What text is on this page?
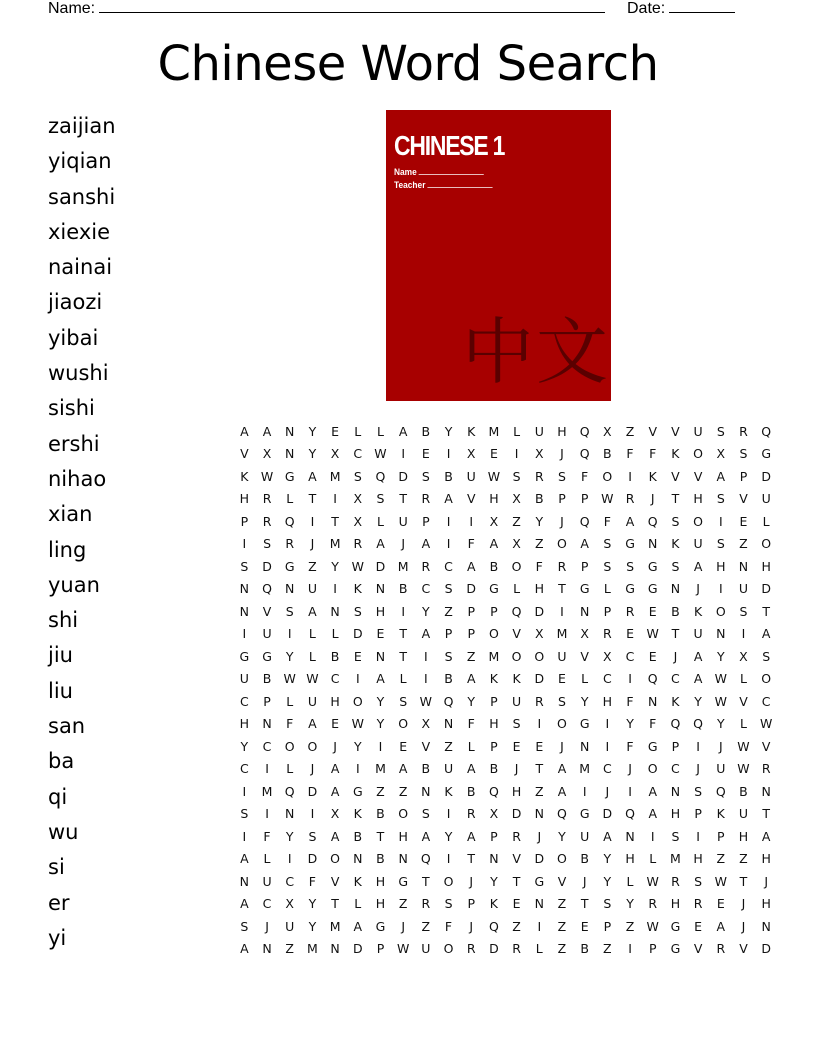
Name:	Date:
Chinese Word Search
zaijian
yiqian
sanshi
xiexie
nainai
jiaozi
yibai
wushi
sishi
ershi
nihao
xian
ling
yuan
shi
jiu
liu
san
ba
qi
wu
si
er
yi
CHINESE 1
Name
Teacher
中文
A	A	N	Y	E	L	L	A	B	Y	K	M	L	U	H	Q	X	Z	V	V	U	S	R	Q
V	X	N	Y	X	C	W	I	E	I	X	E	I	X	J	Q	B	F	F	K	O	X	S	G
K	W	G	A	M	S	Q	D	S	B	U	W	S	R	S	F	O	I	K	V	V	A	P	D
H	R	L	T	I	X	S	T	R	A	V	H	X	B	P	P	W	R	J	T	H	S	V	U
P	R	Q	I	T	X	L	U	P	I	I	X	Z	Y	J	Q	F	A	Q	S	O	I	E	L
I	S	R	J	M	R	A	J	A	I	F	A	X	Z	O	A	S	G	N	K	U	S	Z	O
S	D	G	Z	Y	W	D	M	R	C	A	B	O	F	R	P	S	S	G	S	A	H	N	H
N	Q	N	U	I	K	N	B	C	S	D	G	L	H	T	G	L	G	G	N	J	I	U	D
N	V	S	A	N	S	H	I	Y	Z	P	P	Q	D	I	N	P	R	E	B	K	O	S	T
I	U	I	L	L	D	E	T	A	P	P	O	V	X	M	X	R	E	W	T	U	N	I	A
G	G	Y	L	B	E	N	T	I	S	Z	M	O	O	U	V	X	C	E	J	A	Y	X	S
U	B	W	W	C	I	A	L	I	B	A	K	K	D	E	L	C	I	Q	C	A	W	L	O
C	P	L	U	H	O	Y	S	W	Q	Y	P	U	R	S	Y	H	F	N	K	Y	W	V	C
H	N	F	A	E	W	Y	O	X	N	F	H	S	I	O	G	I	Y	F	Q	Q	Y	L	W
Y	C	O	O	J	Y	I	E	V	Z	L	P	E	E	J	N	I	F	G	P	I	J	W	V
C	I	L	J	A	I	M	A	B	U	A	B	J	T	A	M	C	J	O	C	J	U	W	R
I	M	Q	D	A	G	Z	Z	N	K	B	Q	H	Z	A	I	J	I	A	N	S	Q	B	N
S	I	N	I	X	K	B	O	S	I	R	X	D	N	Q	G	D	Q	A	H	P	K	U	T
I	F	Y	S	A	B	T	H	A	Y	A	P	R	J	Y	U	A	N	I	S	I	P	H	A
A	L	I	D	O	N	B	N	Q	I	T	N	V	D	O	B	Y	H	L	M	H	Z	Z	H
N	U	C	F	V	K	H	G	T	O	J	Y	T	G	V	J	Y	L	W	R	S	W	T	J
A	C	X	Y	T	L	H	Z	R	S	P	K	E	N	Z	T	S	Y	R	H	R	E	J	H
S	J	U	Y	M	A	G	J	Z	F	J	Q	Z	I	Z	E	P	Z	W	G	E	A	J	N
A	N	Z	M	N	D	P	W	U	O	R	D	R	L	Z	B	Z	I	P	G	V	R	V	D
